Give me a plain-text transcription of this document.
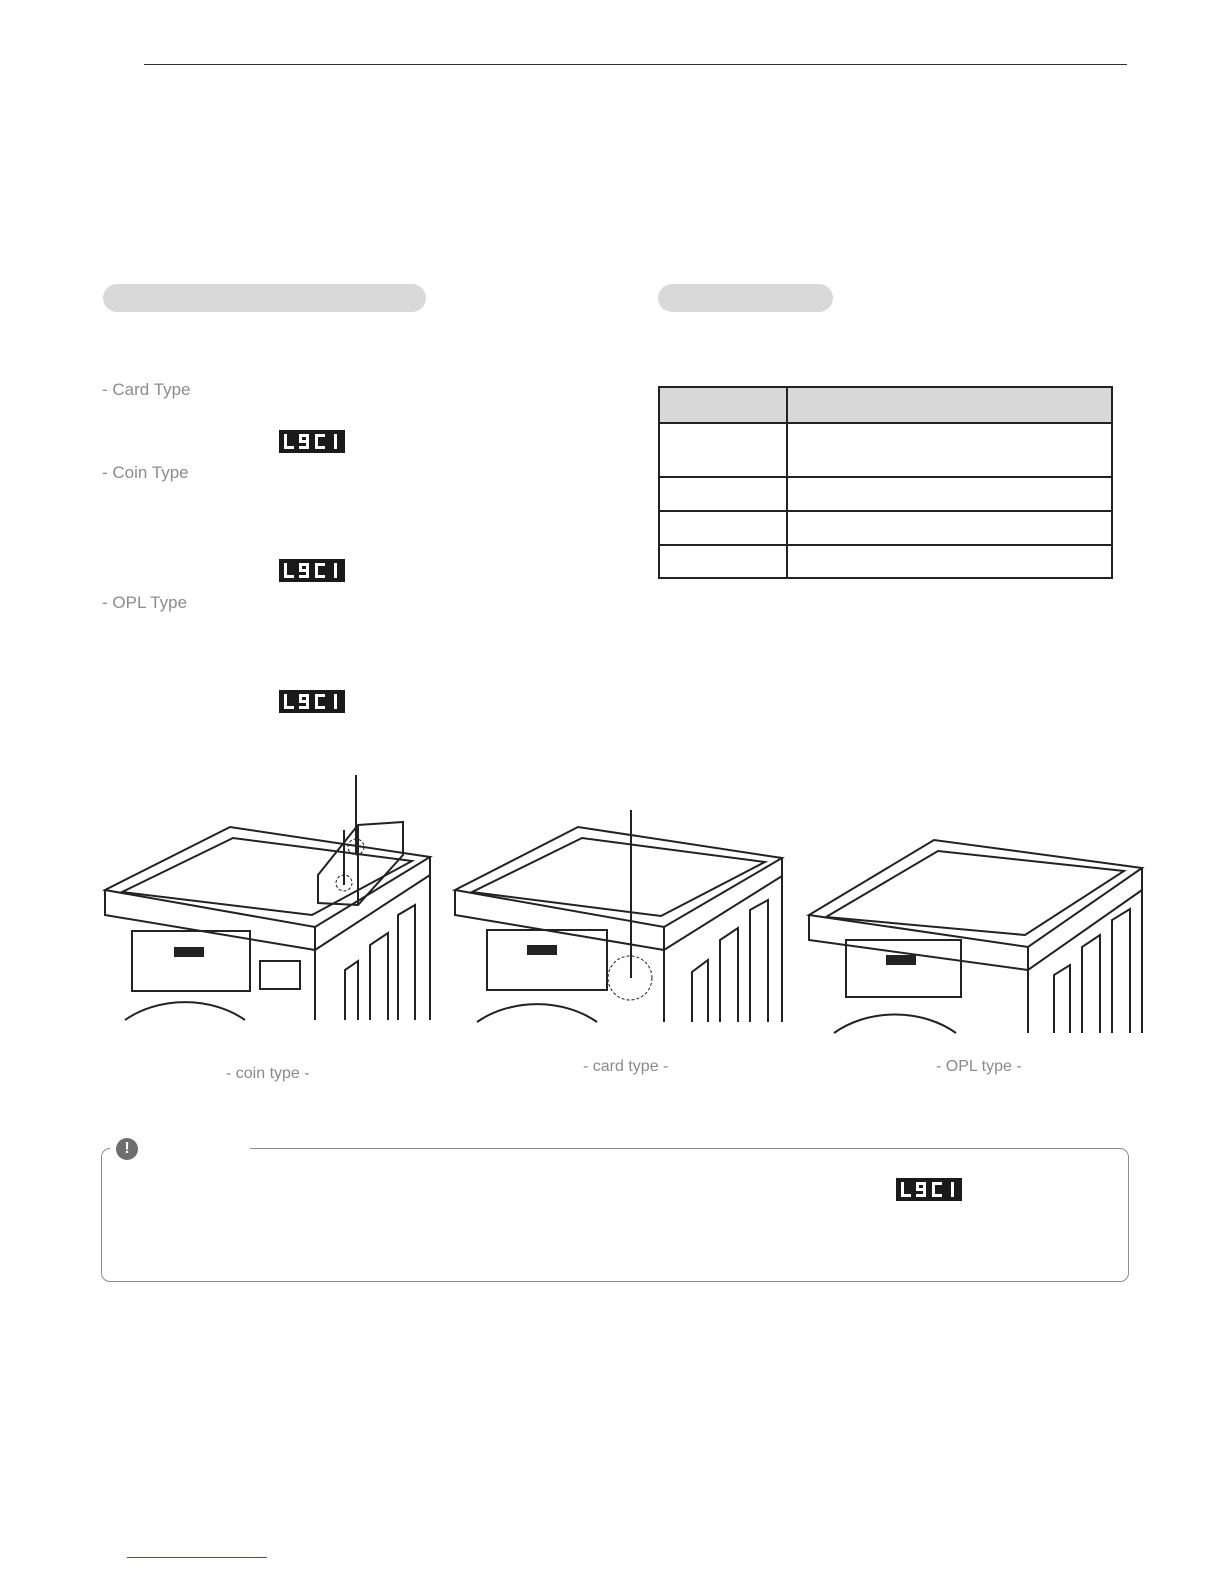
- Card Type
- Coin Type
- OPL Type
- coin type -	- card type -	- OPL type -
!
